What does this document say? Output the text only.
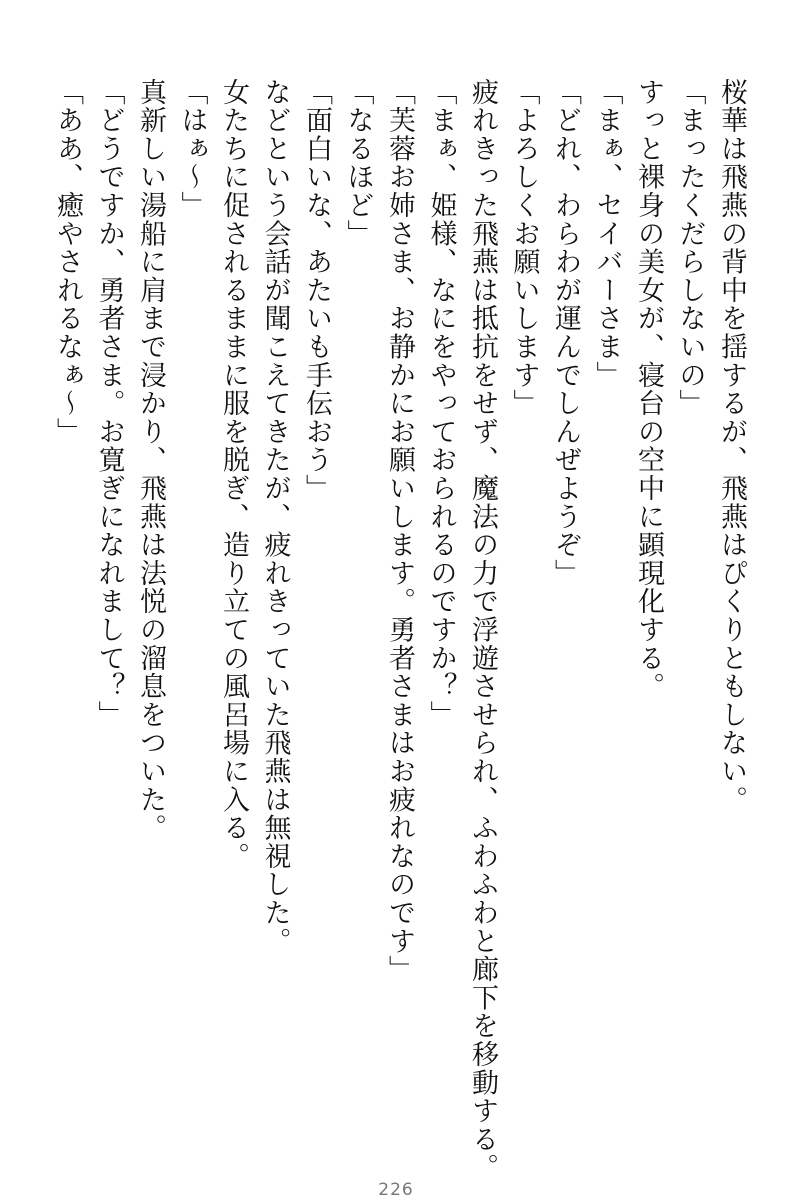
桜華は飛燕の背中を揺するが、飛燕はぴくりともしない。
「まったくだらしないの」
すっと裸身の美女が、寝台の空中に顕現化する。
「まぁ、セイバーさま」
「どれ、わらわが運んでしんぜようぞ」
「よろしくお願いします」
疲れきった飛燕は抵抗をせず、魔法の力で浮遊させられ、ふわふわと廊下を移動する。
「まぁ、姫様、なにをやっておられるのですか？」
「芙蓉お姉さま、お静かにお願いします。勇者さまはお疲れなのです」
「なるほど」
「面白いな、あたいも手伝おう」
などという会話が聞こえてきたが、疲れきっていた飛燕は無視した。
女たちに促されるままに服を脱ぎ、造り立ての風呂場に入る。
「はぁ～」
真新しい湯船に肩まで浸かり、飛燕は法悦の溜息をついた。
「どうですか、勇者さま。お寛ぎになれまして？」
「ああ、癒やされるなぁ～」
226
